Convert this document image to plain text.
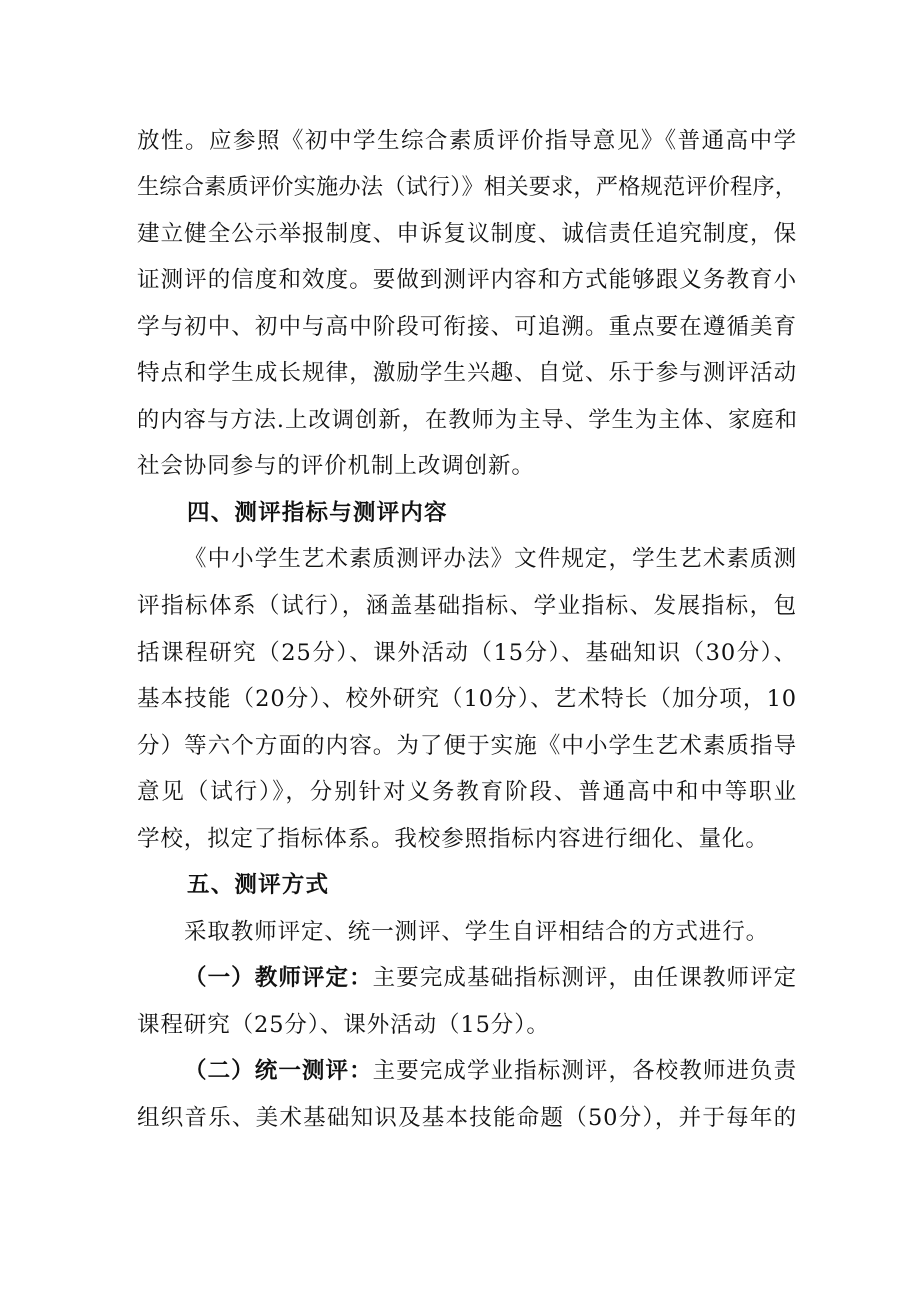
放性。应参照《初中学生综合素质评价指导意见》《普通高中学
生综合素质评价实施办法（试行）》相关要求，严格规范评价程序，
建立健全公示举报制度、申诉复议制度、诚信责任追究制度，保
证测评的信度和效度。要做到测评内容和方式能够跟义务教育小
学与初中、初中与高中阶段可衔接、可追溯。重点要在遵循美育
特点和学生成长规律，激励学生兴趣、自觉、乐于参与测评活动
的内容与方法.上改调创新，在教师为主导、学生为主体、家庭和
社会协同参与的评价机制上改调创新。
四、测评指标与测评内容
《中小学生艺术素质测评办法》文件规定，学生艺术素质测
评指标体系（试行），涵盖基础指标、学业指标、发展指标，包
括课程研究（25分）、课外活动（15分）、基础知识（30分）、
基本技能（20分）、校外研究（10分）、艺术特长（加分项，10
分）等六个方面的内容。为了便于实施《中小学生艺术素质指导
意见（试行）》，分别针对义务教育阶段、普通高中和中等职业
学校，拟定了指标体系。我校参照指标内容进行细化、量化。
五、测评方式
采取教师评定、统一测评、学生自评相结合的方式进行。
（一）教师评定：主要完成基础指标测评，由任课教师评定
课程研究（25分）、课外活动（15分）。
（二）统一测评：主要完成学业指标测评，各校教师进负责
组织音乐、美术基础知识及基本技能命题（50分），并于每年的
